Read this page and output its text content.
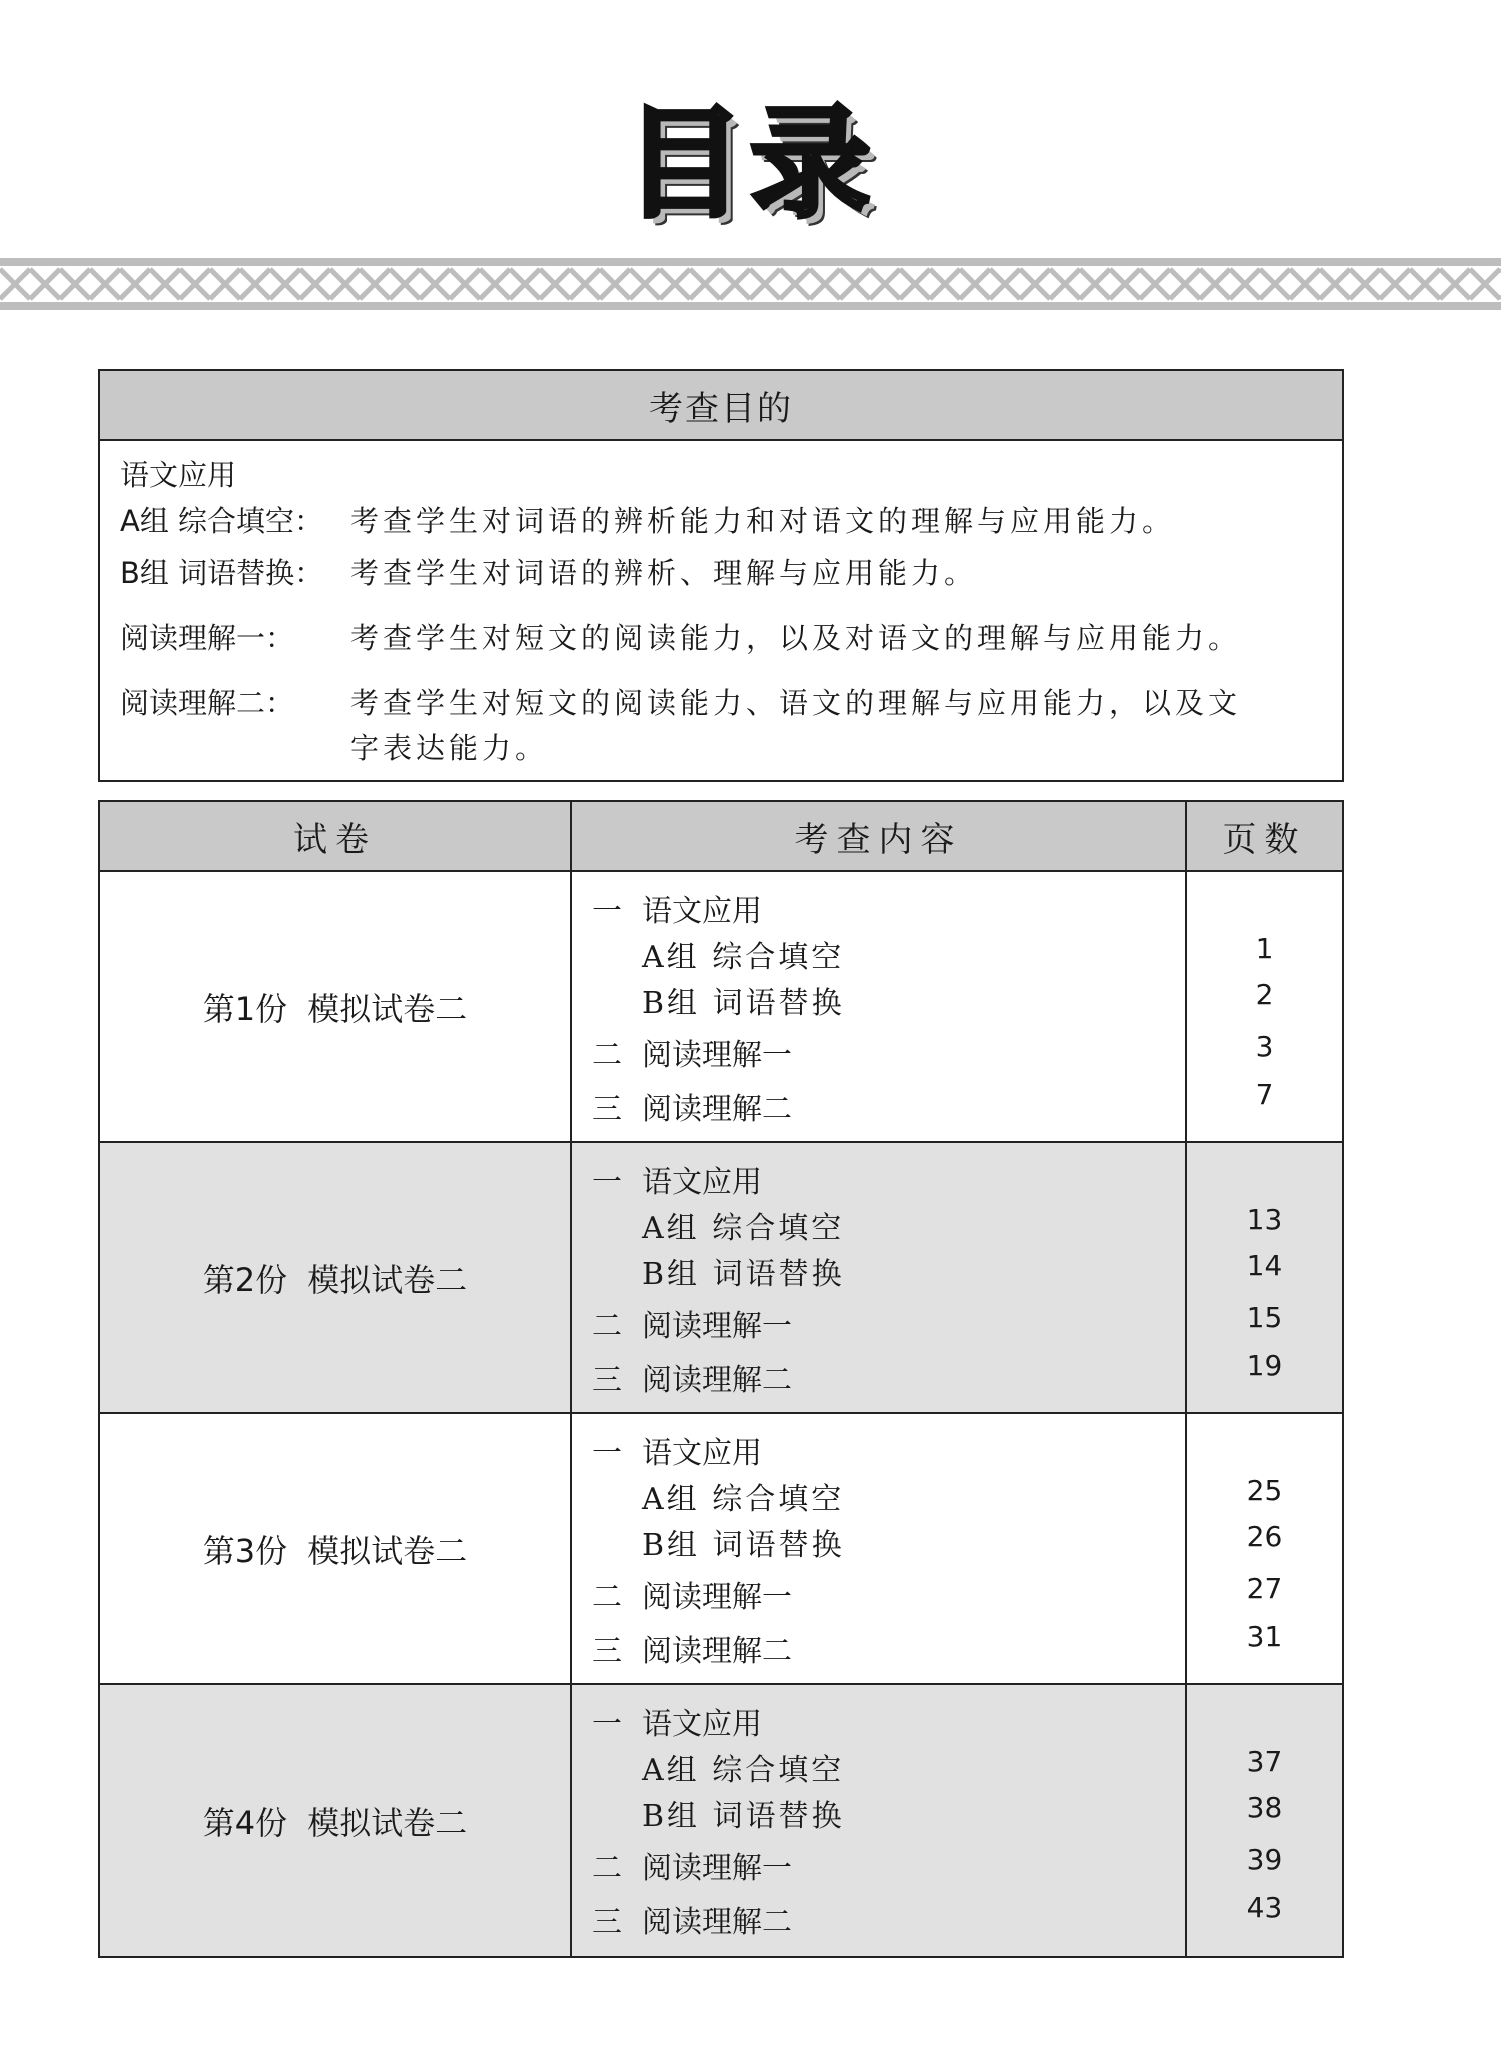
目录
考查目的
语文应用
A组 综合填空： 考查学生对词语的辨析能力和对语文的理解与应用能力。
B组 词语替换： 考查学生对词语的辨析、理解与应用能力。
阅读理解一： 考查学生对短文的阅读能力，以及对语文的理解与应用能力。
阅读理解二： 考查学生对短文的阅读能力、语文的理解与应用能力，以及文
字表达能力。
试卷	考查内容	页数
第1份 模拟试卷二
一 语文应用
A组 综合填空
B组 词语替换
二 阅读理解一
三 阅读理解二
1
2
3
7
第2份 模拟试卷二
一 语文应用
A组 综合填空
B组 词语替换
二 阅读理解一
三 阅读理解二
13
14
15
19
第3份 模拟试卷二
一 语文应用
A组 综合填空
B组 词语替换
二 阅读理解一
三 阅读理解二
25
26
27
31
第4份 模拟试卷二
一 语文应用
A组 综合填空
B组 词语替换
二 阅读理解一
三 阅读理解二
37
38
39
43
